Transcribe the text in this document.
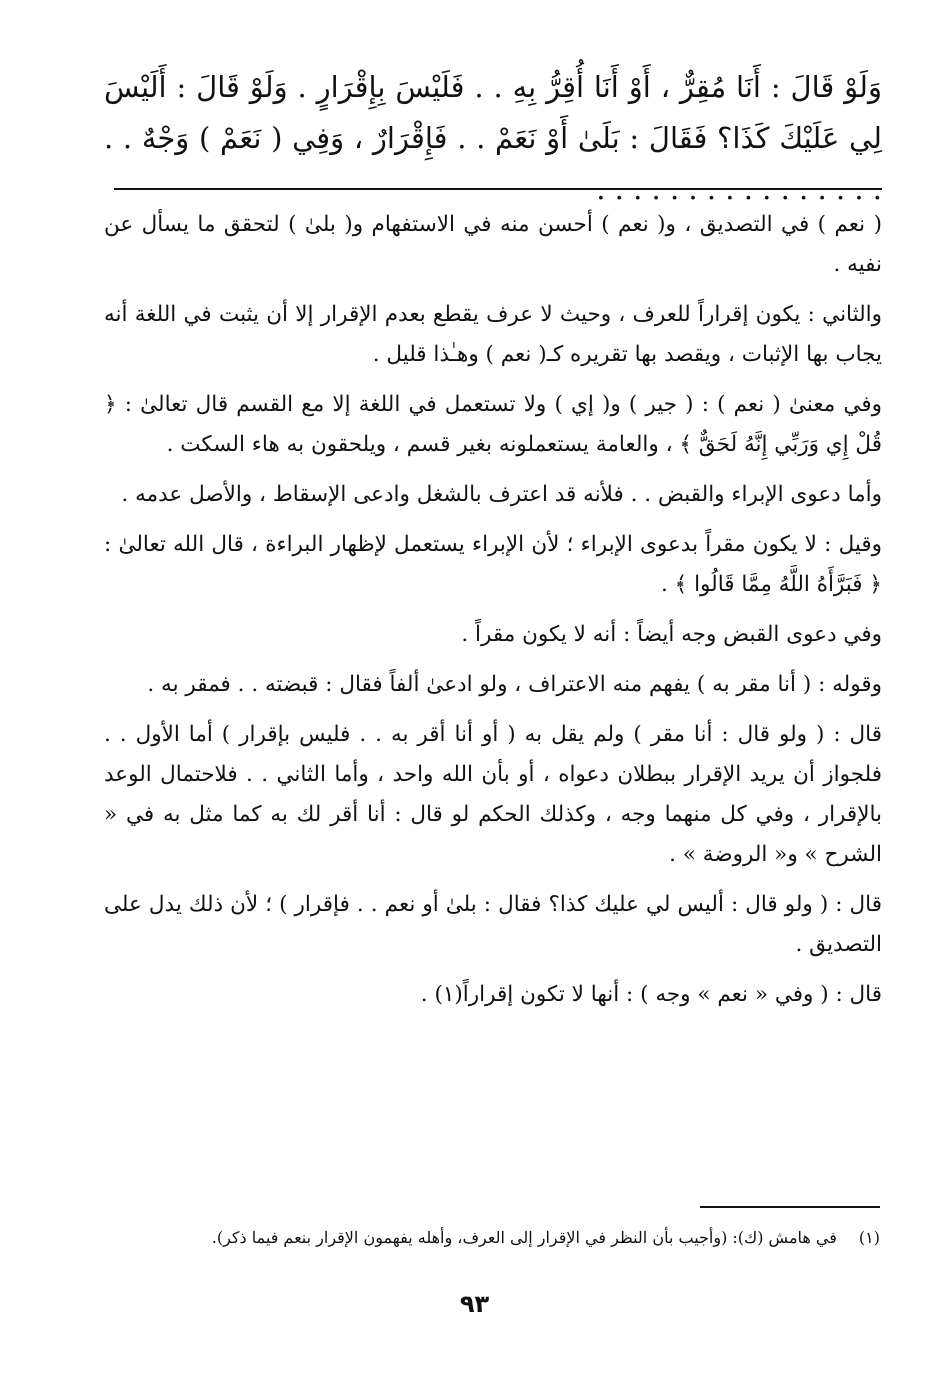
وَلَوْ قَالَ : أَنَا مُقِرٌّ ، أَوْ أَنَا أُقِرُّ بِهِ . . فَلَيْسَ بِإِقْرَارٍ . وَلَوْ قَالَ : أَلَيْسَ لِي عَلَيْكَ كَذَا؟ فَقَالَ : بَلَىٰ أَوْ نَعَمْ . . فَإِقْرَارٌ ، وَفِي ( نَعَمْ ) وَجْهٌ . . . . . . . . . . . . . . . . . .

( نعم ) في التصديق ، و( نعم ) أحسن منه في الاستفهام و( بلىٰ ) لتحقق ما يسأل عن نفيه .

والثاني : يكون إقراراً للعرف ، وحيث لا عرف يقطع بعدم الإقرار إلا أن يثبت في اللغة أنه يجاب بها الإثبات ، ويقصد بها تقريره كـ( نعم ) وهـٰذا قليل .

وفي معنىٰ ( نعم ) : ( جير ) و( إي ) ولا تستعمل في اللغة إلا مع القسم قال تعالىٰ : ﴿ قُلْ إِي وَرَبِّي إِنَّهُ لَحَقٌّ ﴾ ، والعامة يستعملونه بغير قسم ، ويلحقون به هاء السكت .

وأما دعوى الإبراء والقبض . . فلأنه قد اعترف بالشغل وادعى الإسقاط ، والأصل عدمه .

وقيل : لا يكون مقراً بدعوى الإبراء ؛ لأن الإبراء يستعمل لإظهار البراءة ، قال الله تعالىٰ : ﴿ فَبَرَّأَهُ اللَّهُ مِمَّا قَالُوا ﴾ .

وفي دعوى القبض وجه أيضاً : أنه لا يكون مقراً .

وقوله : ( أنا مقر به ) يفهم منه الاعتراف ، ولو ادعىٰ ألفاً فقال : قبضته . . فمقر به .

قال : ( ولو قال : أنا مقر ) ولم يقل به ( أو أنا أقر به . . فليس بإقرار ) أما الأول . . فلجواز أن يريد الإقرار ببطلان دعواه ، أو بأن الله واحد ، وأما الثاني . . فلاحتمال الوعد بالإقرار ، وفي كل منهما وجه ، وكذلك الحكم لو قال : أنا أقر لك به كما مثل به في « الشرح » و« الروضة » .

قال : ( ولو قال : أليس لي عليك كذا؟ فقال : بلىٰ أو نعم . . فإقرار ) ؛ لأن ذلك يدل على التصديق .

قال : ( وفي « نعم » وجه ) : أنها لا تكون إقراراً(١) .

(١)في هامش (ك): (وأجيب بأن النظر في الإقرار إلى العرف، وأهله يفهمون الإقرار بنعم فيما ذكر).
٩٣
